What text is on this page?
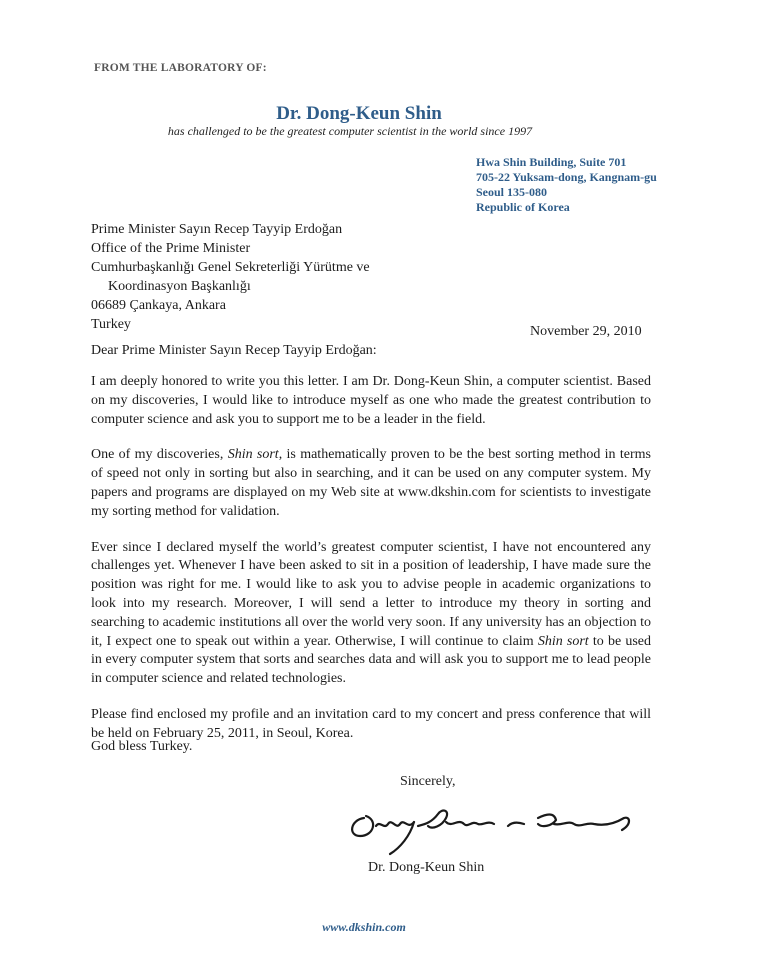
FROM THE LABORATORY OF:
Dr. Dong-Keun Shin
has challenged to be the greatest computer scientist in the world since 1997
Hwa Shin Building, Suite 701
705-22 Yuksam-dong, Kangnam-gu
Seoul 135-080
Republic of Korea
Prime Minister Sayın Recep Tayyip Erdoğan
Office of the Prime Minister
Cumhurbaşkanlığı Genel Sekreterliği Yürütme ve
Koordinasyon Başkanlığı
06689 Çankaya, Ankara
Turkey	November 29, 2010
Dear Prime Minister Sayın Recep Tayyip Erdoğan:

I am deeply honored to write you this letter. I am Dr. Dong-Keun Shin, a computer scientist. Based on my discoveries, I would like to introduce myself as one who made the greatest contribution to computer science and ask you to support me to be a leader in the field.

One of my discoveries, Shin sort, is mathematically proven to be the best sorting method in terms of speed not only in sorting but also in searching, and it can be used on any computer system. My papers and programs are displayed on my Web site at www.dkshin.com for scientists to investigate my sorting method for validation.

Ever since I declared myself the world’s greatest computer scientist, I have not encountered any challenges yet. Whenever I have been asked to sit in a position of leadership, I have made sure the position was right for me. I would like to ask you to advise people in academic organizations to look into my research. Moreover, I will send a letter to introduce my theory in sorting and searching to academic institutions all over the world very soon. If any university has an objection to it, I expect one to speak out within a year. Otherwise, I will continue to claim Shin sort to be used in every computer system that sorts and searches data and will ask you to support me to lead people in computer science and related technologies.

Please find enclosed my profile and an invitation card to my concert and press conference that will be held on February 25, 2011, in Seoul, Korea.

God bless Turkey.
Sincerely,
Dr. Dong-Keun Shin
www.dkshin.com
